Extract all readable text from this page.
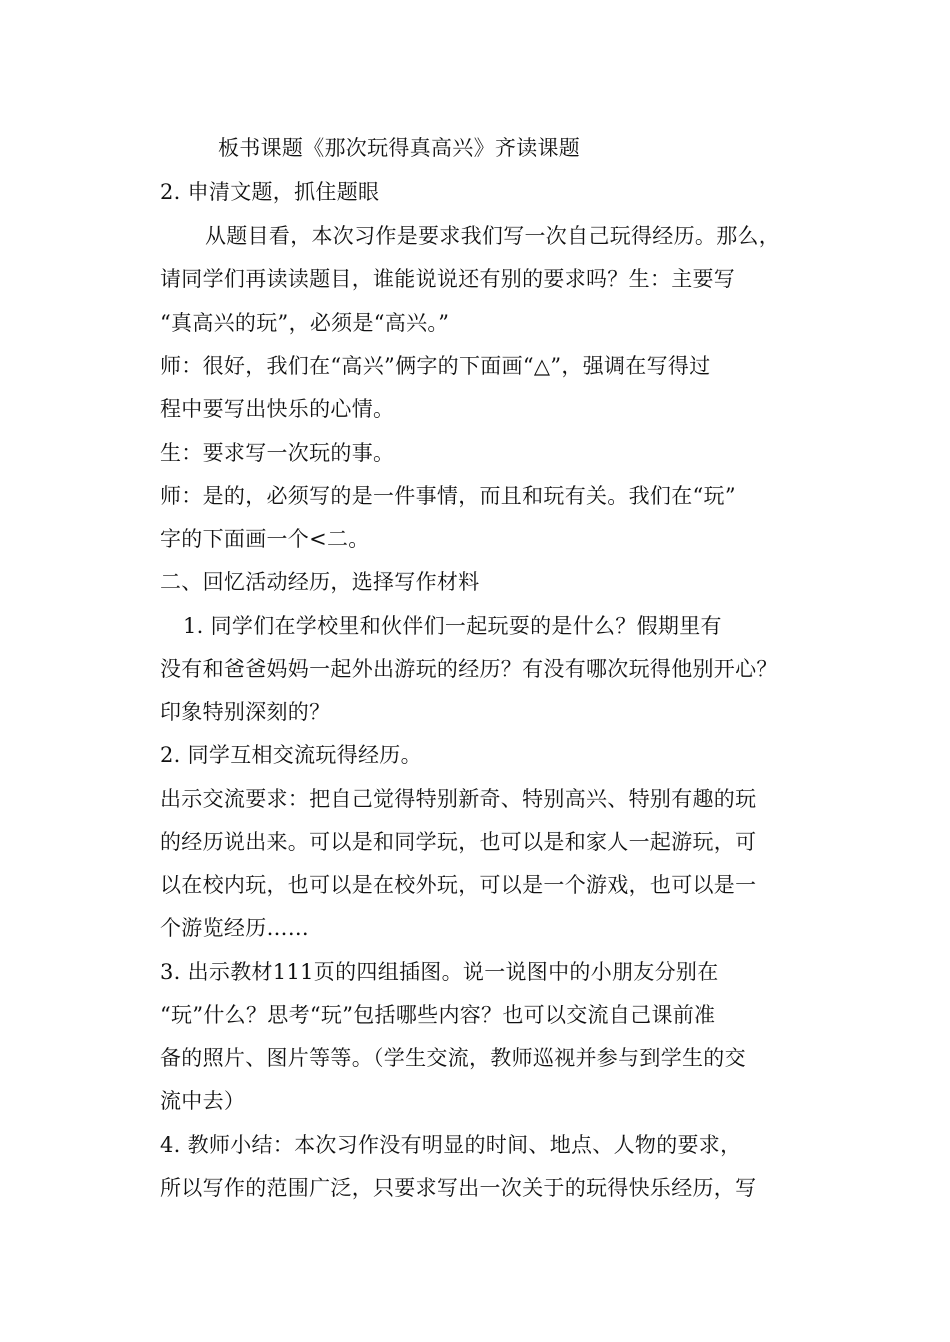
板书课题《那次玩得真高兴》齐读课题
2. 申清文题，抓住题眼
从题目看，本次习作是要求我们写一次自己玩得经历。那么，
请同学们再读读题目，谁能说说还有别的要求吗？生：主要写
“真高兴的玩”，必须是“高兴。”
师：很好，我们在“高兴”俩字的下面画“△”，强调在写得过
程中要写出快乐的心情。
生：要求写一次玩的事。
师：是的，必须写的是一件事情，而且和玩有关。我们在“玩”
字的下面画一个<二。
二、回忆活动经历，选择写作材料
1. 同学们在学校里和伙伴们一起玩耍的是什么？假期里有
没有和爸爸妈妈一起外出游玩的经历？有没有哪次玩得他别开心？
印象特别深刻的？
2. 同学互相交流玩得经历。
出示交流要求：把自己觉得特别新奇、特别高兴、特别有趣的玩
的经历说出来。可以是和同学玩，也可以是和家人一起游玩，可
以在校内玩，也可以是在校外玩，可以是一个游戏，也可以是一
个游览经历……
3. 出示教材111页的四组插图。说一说图中的小朋友分别在
“玩”什么？思考“玩”包括哪些内容？也可以交流自己课前准
备的照片、图片等等。（学生交流，教师巡视并参与到学生的交
流中去）
4. 教师小结：本次习作没有明显的时间、地点、人物的要求，
所以写作的范围广泛，只要求写出一次关于的玩得快乐经历，写
